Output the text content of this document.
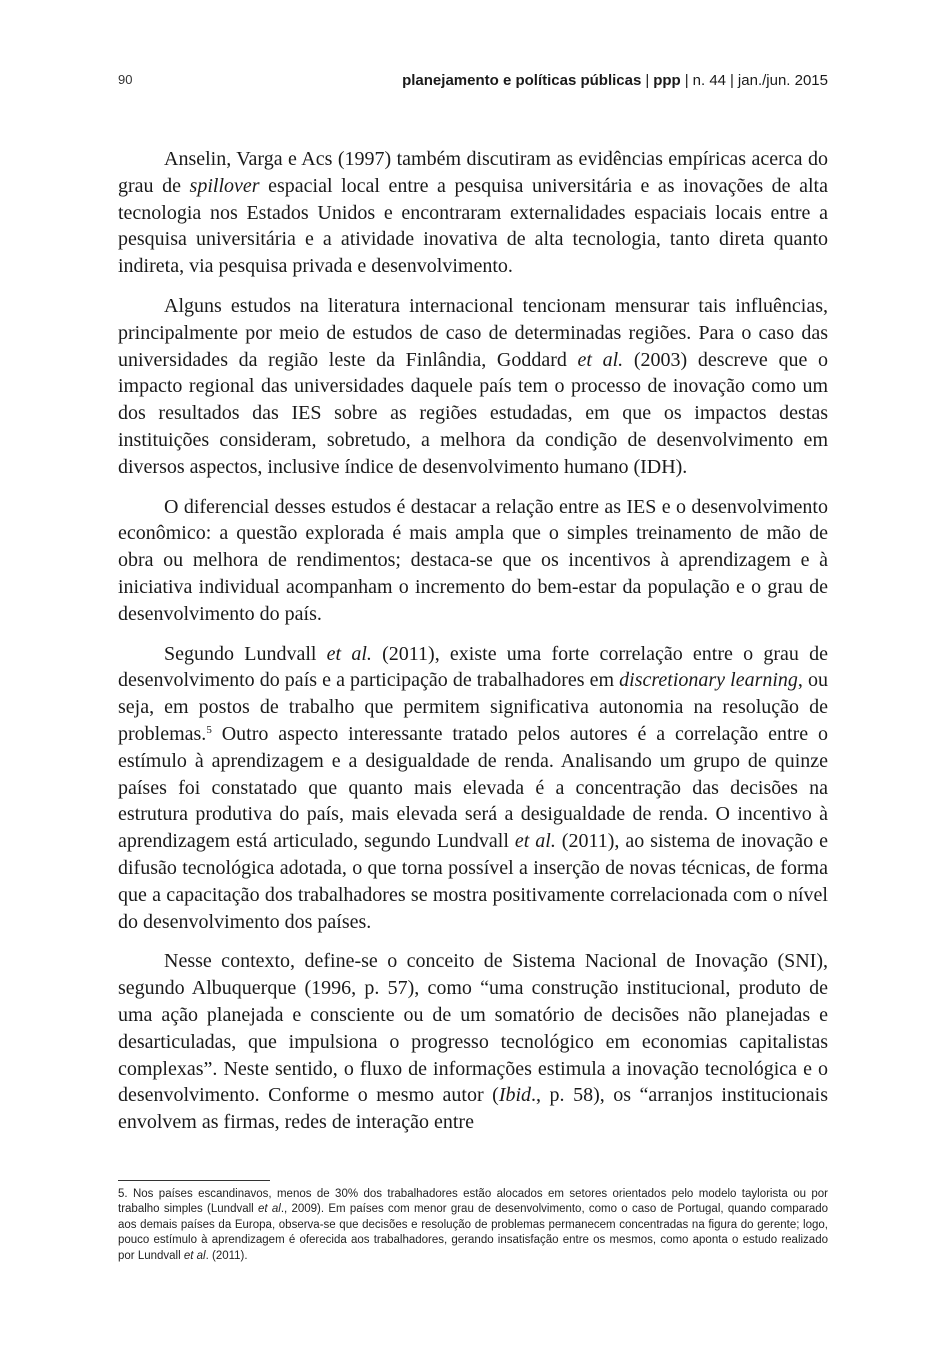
90	planejamento e políticas públicas | ppp | n. 44 | jan./jun. 2015

Anselin, Varga e Acs (1997) também discutiram as evidências empíricas acerca do grau de spillover espacial local entre a pesquisa universitária e as inovações de alta tecnologia nos Estados Unidos e encontraram externalidades espaciais locais entre a pesquisa universitária e a atividade inovativa de alta tecnologia, tanto direta quanto indireta, via pesquisa privada e desenvolvimento.

Alguns estudos na literatura internacional tencionam mensurar tais influências, principalmente por meio de estudos de caso de determinadas regiões. Para o caso das universidades da região leste da Finlândia, Goddard et al. (2003) descreve que o impacto regional das universidades daquele país tem o processo de inovação como um dos resultados das IES sobre as regiões estudadas, em que os impactos destas instituições consideram, sobretudo, a melhora da condição de desenvolvimento em diversos aspectos, inclusive índice de desenvolvimento humano (IDH).

O diferencial desses estudos é destacar a relação entre as IES e o desenvolvimento econômico: a questão explorada é mais ampla que o simples treinamento de mão de obra ou melhora de rendimentos; destaca-se que os incentivos à aprendizagem e à iniciativa individual acompanham o incremento do bem-estar da população e o grau de desenvolvimento do país.

Segundo Lundvall et al. (2011), existe uma forte correlação entre o grau de desenvolvimento do país e a participação de trabalhadores em discretionary learning, ou seja, em postos de trabalho que permitem significativa autonomia na resolução de problemas.$^5$ Outro aspecto interessante tratado pelos autores é a correlação entre o estímulo à aprendizagem e a desigualdade de renda. Analisando um grupo de quinze países foi constatado que quanto mais elevada é a concentração das decisões na estrutura produtiva do país, mais elevada será a desigualdade de renda. O incentivo à aprendizagem está articulado, segundo Lundvall et al. (2011), ao sistema de inovação e difusão tecnológica adotada, o que torna possível a inserção de novas técnicas, de forma que a capacitação dos trabalhadores se mostra positivamente correlacionada com o nível do desenvolvimento dos países.

Nesse contexto, define-se o conceito de Sistema Nacional de Inovação (SNI), segundo Albuquerque (1996, p. 57), como “uma construção institucional, produto de uma ação planejada e consciente ou de um somatório de decisões não planejadas e desarticuladas, que impulsiona o progresso tecnológico em economias capitalistas complexas”. Neste sentido, o fluxo de informações estimula a inovação tecnológica e o desenvolvimento. Conforme o mesmo autor (Ibid., p. 58), os “arranjos institucionais envolvem as firmas, redes de interação entre

5. Nos países escandinavos, menos de 30% dos trabalhadores estão alocados em setores orientados pelo modelo taylorista ou por trabalho simples (Lundvall et al., 2009). Em países com menor grau de desenvolvimento, como o caso de Portugal, quando comparado aos demais países da Europa, observa-se que decisões e resolução de problemas permanecem concentradas na figura do gerente; logo, pouco estímulo à aprendizagem é oferecida aos trabalhadores, gerando insatisfação entre os mesmos, como aponta o estudo realizado por Lundvall et al. (2011).
